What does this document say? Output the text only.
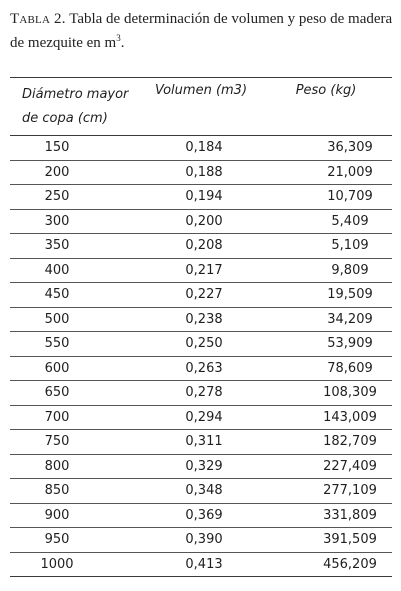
Tabla 2. Tabla de determinación de volumen y peso de madera de mezquite en $m^3$.
Diámetro mayor
de copa (cm)	Volumen (m3)	Peso (kg)
150	0,184	36,309
200	0,188	21,009
250	0,194	10,709
300	0,200	5,409
350	0,208	5,109
400	0,217	9,809
450	0,227	19,509
500	0,238	34,209
550	0,250	53,909
600	0,263	78,609
650	0,278	108,309
700	0,294	143,009
750	0,311	182,709
800	0,329	227,409
850	0,348	277,109
900	0,369	331,809
950	0,390	391,509
1000	0,413	456,209
